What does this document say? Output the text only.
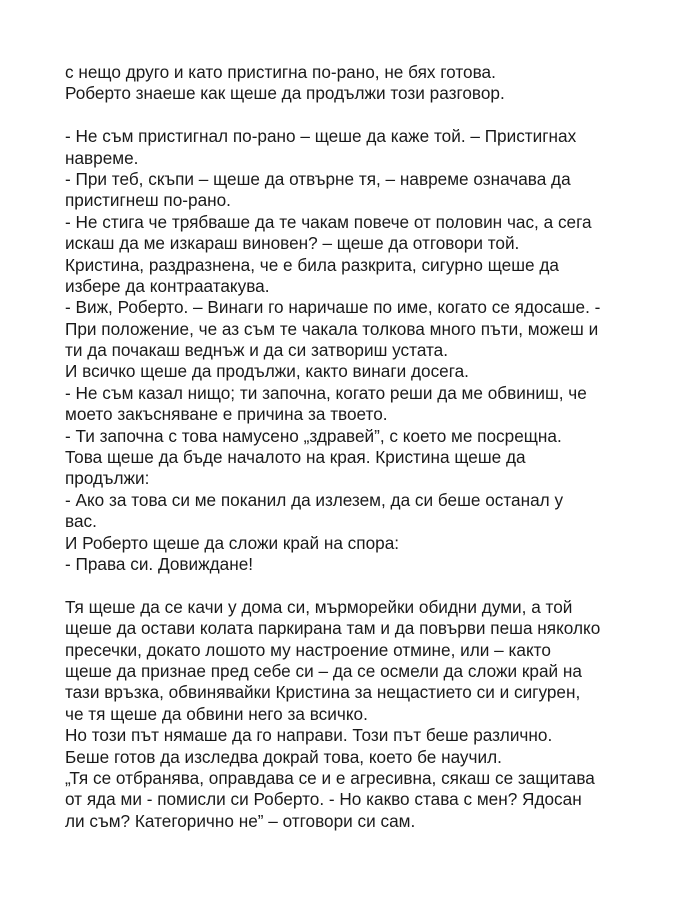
с нещо друго и като пристигна по-рано, не бях готова.
Роберто знаеше как щеше да продължи този разговор.
- Не съм пристигнал по-рано – щеше да каже той. – Пристигнах
навреме.
- При теб, скъпи – щеше да отвърне тя, – навреме означава да
пристигнеш по-рано.
- Не стига че трябваше да те чакам повече от половин час, а сега
искаш да ме изкараш виновен? – щеше да отговори той.
Кристина, раздразнена, че е била разкрита, сигурно щеше да
избере да контраатакува.
- Виж, Роберто. – Винаги го наричаше по име, когато се ядосаше. -
При положение, че аз съм те чакала толкова много пъти, можеш и
ти да почакаш веднъж и да си затвориш устата.
И всичко щеше да продължи, както винаги досега.
- Не съм казал нищо; ти започна, когато реши да ме обвиниш, че
моето закъсняване е причина за твоето.
- Ти започна с това намусено „здравей”, с което ме посрещна.
Това щеше да бъде началото на края. Кристина щеше да
продължи:
- Ако за това си ме поканил да излезем, да си беше останал у
вас.
И Роберто щеше да сложи край на спора:
- Права си. Довиждане!
Тя щеше да се качи у дома си, мърморейки обидни думи, а той
щеше да остави колата паркирана там и да повърви пеша няколко
пресечки, докато лошото му настроение отмине, или – както
щеше да признае пред себе си – да се осмели да сложи край на
тази връзка, обвинявайки Кристина за нещастието си и сигурен,
че тя щеше да обвини него за всичко.
Но този път нямаше да го направи. Този път беше различно.
Беше готов да изследва докрай това, което бе научил.
„Тя се отбранява, оправдава се и е агресивна, сякаш се защитава
от яда ми - помисли си Роберто. - Но какво става с мен? Ядосан
ли съм? Категорично не” – отговори си сам.
